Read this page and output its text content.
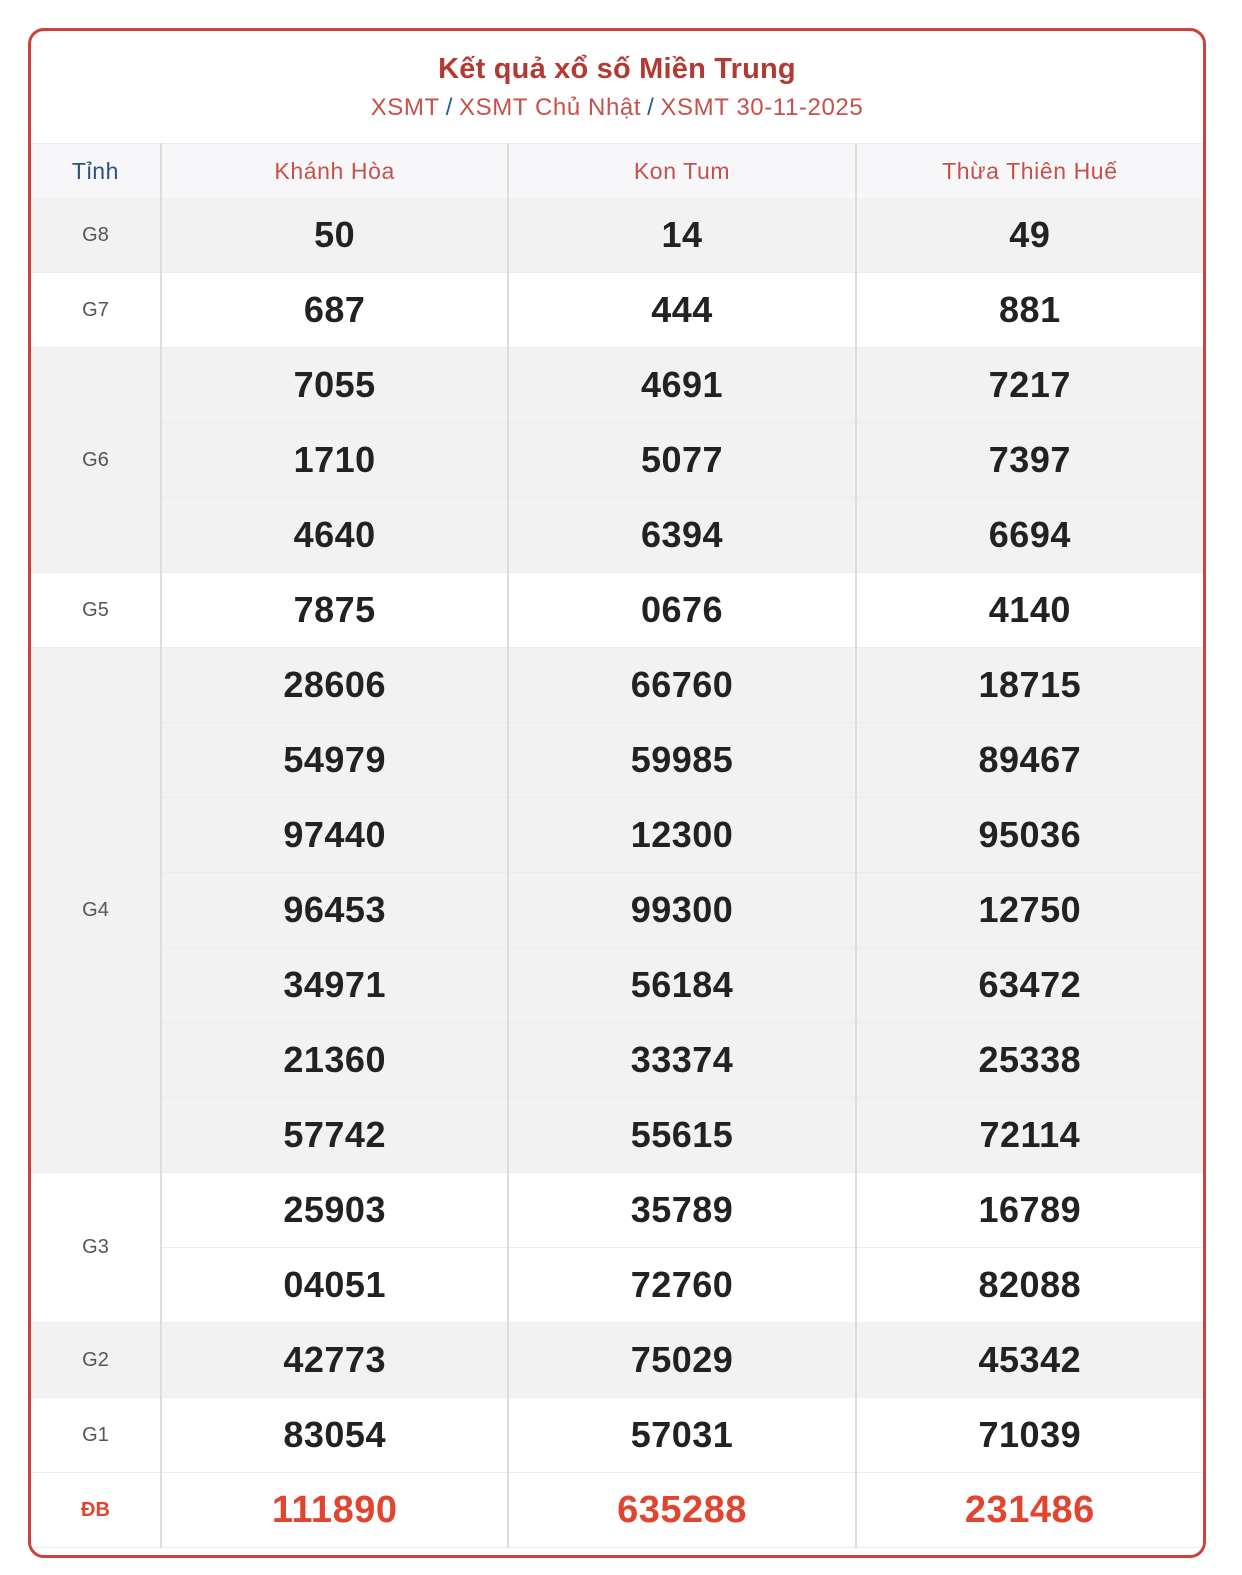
Kết quả xổ số Miền Trung
XSMT / XSMT Chủ Nhật / XSMT 30-11-2025
Tỉnh	Khánh Hòa	Kon Tum	Thừa Thiên Huế
G8	50	14	49
G7	687	444	881
G6	7055	4691	7217
	1710	5077	7397
	4640	6394	6694
G5	7875	0676	4140
G4	28606	66760	18715
	54979	59985	89467
	97440	12300	95036
	96453	99300	12750
	34971	56184	63472
	21360	33374	25338
	57742	55615	72114
G3	25903	35789	16789
	04051	72760	82088
G2	42773	75029	45342
G1	83054	57031	71039
ĐB	111890	635288	231486
